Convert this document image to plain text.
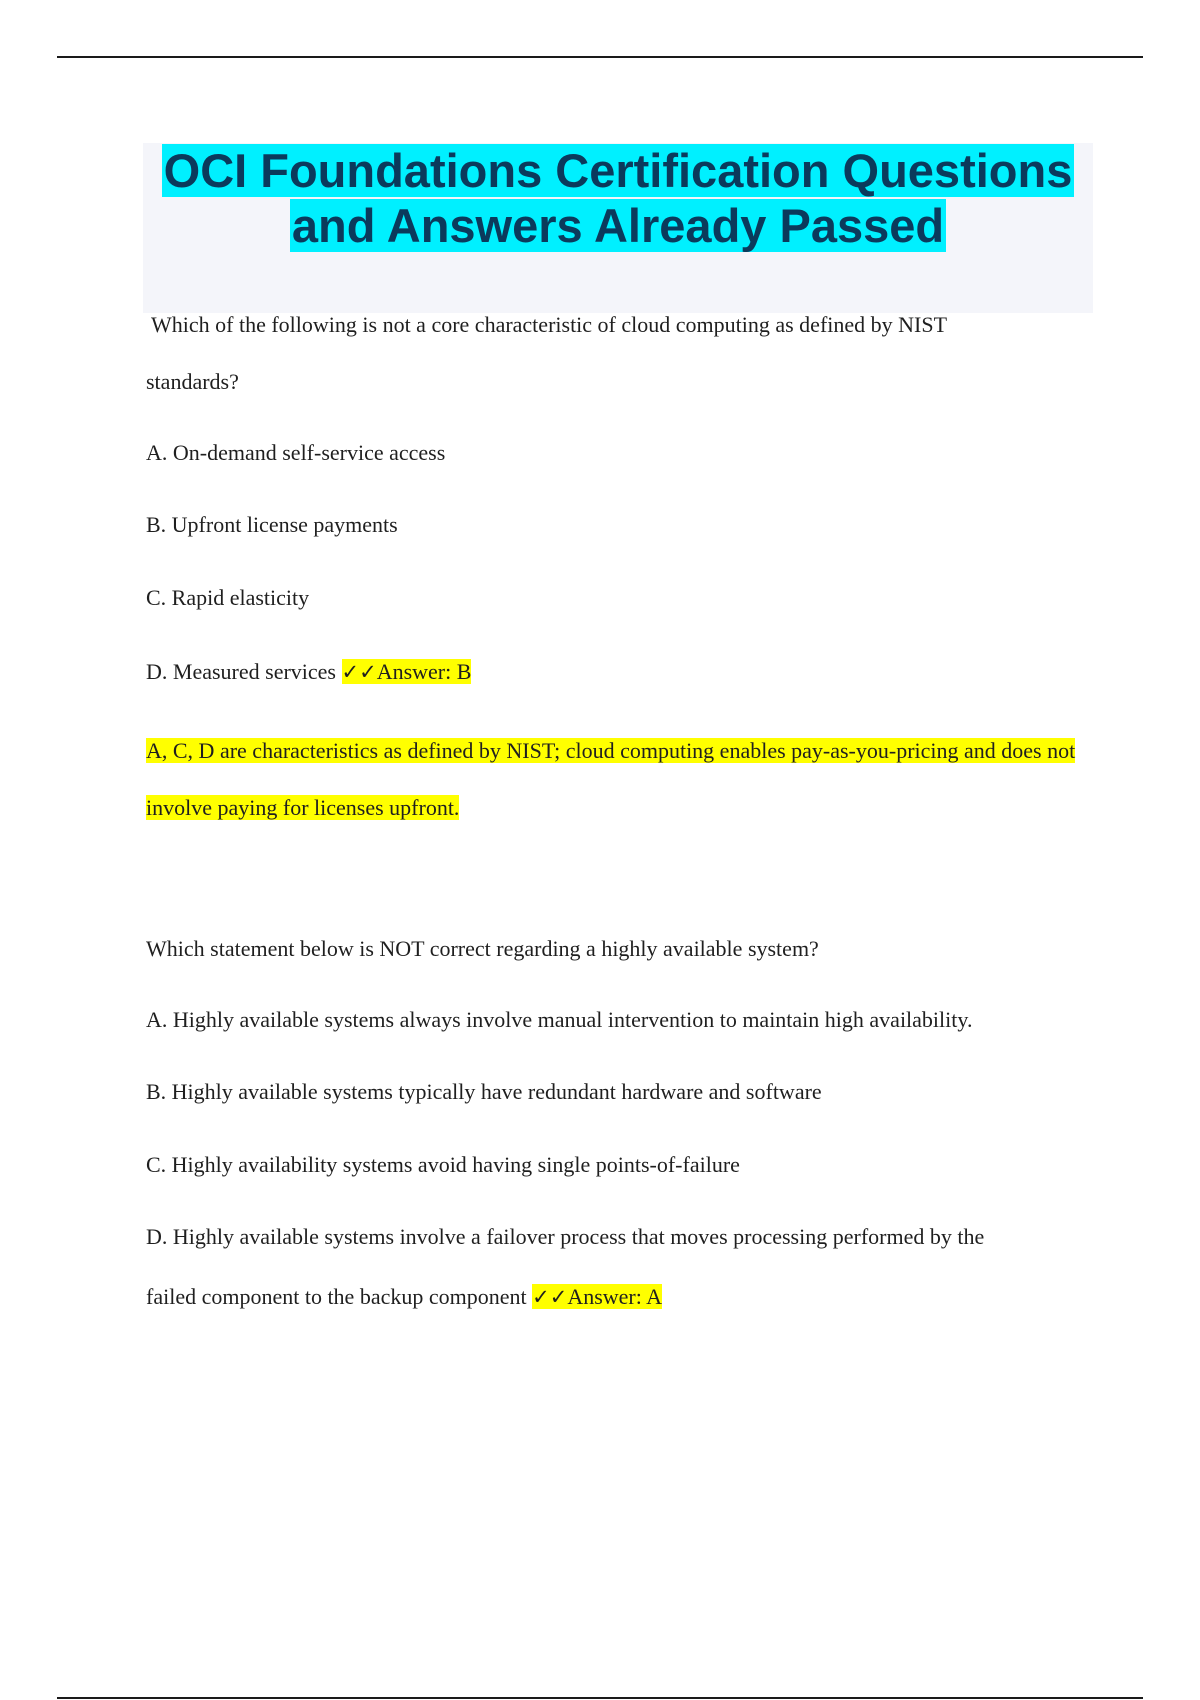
OCI Foundations Certification Questions
and Answers Already Passed

Which of the following is not a core characteristic of cloud computing as defined by NIST

standards?

A. On-demand self-service access

B. Upfront license payments

C. Rapid elasticity

D. Measured services ✓✓Answer: B

A, C, D are characteristics as defined by NIST; cloud computing enables pay-as-you-pricing and does not involve paying for licenses upfront.

Which statement below is NOT correct regarding a highly available system?

A. Highly available systems always involve manual intervention to maintain high availability.

B. Highly available systems typically have redundant hardware and software

C. Highly availability systems avoid having single points-of-failure

D. Highly available systems involve a failover process that moves processing performed by the

failed component to the backup component ✓✓Answer: A
